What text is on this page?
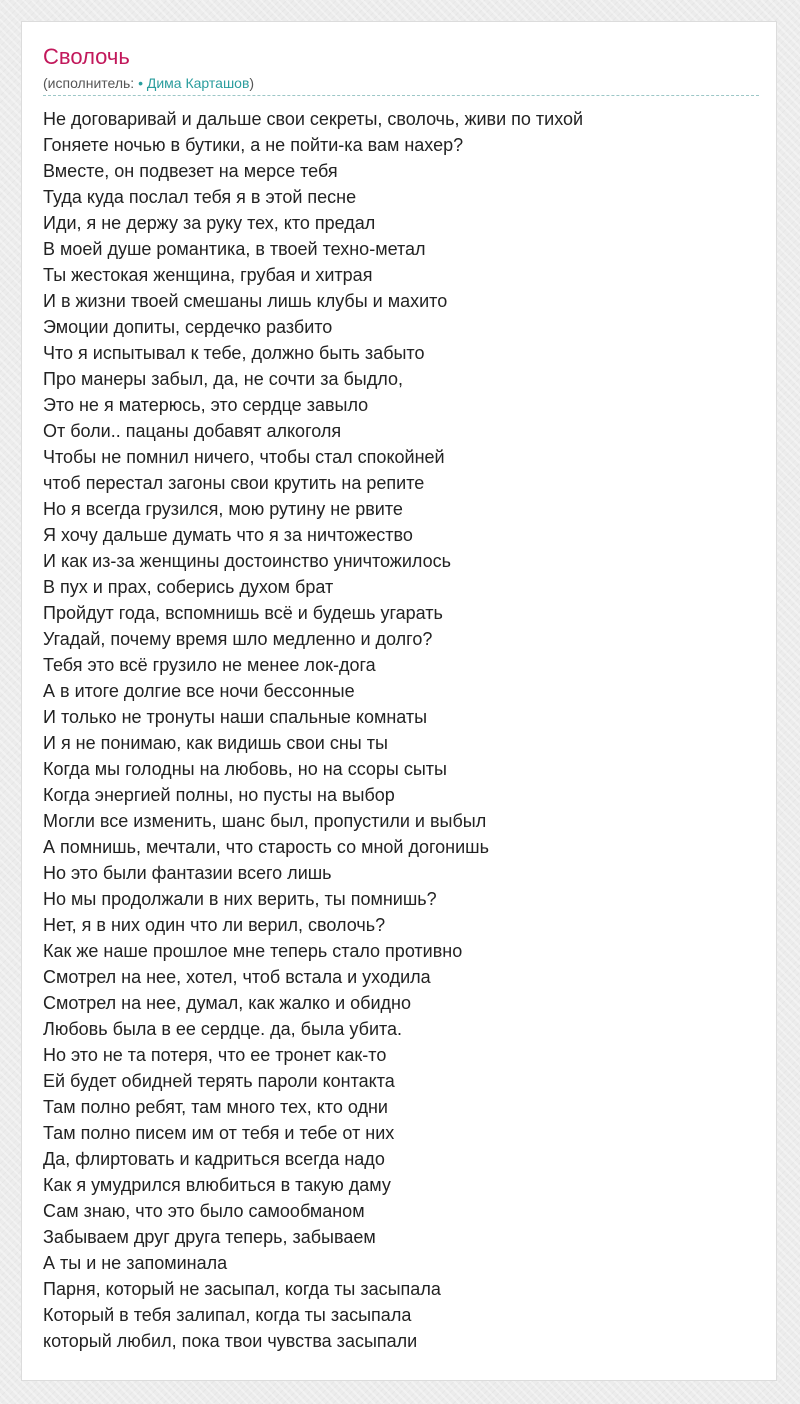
Сволочь
(исполнитель: • Дима Карташов)
Не договаривай и дальше свои секреты, сволочь, живи по тихой
Гоняете ночью в бутики, а не пойти-ка вам нахер?
Вместе, он подвезет на мерсе тебя
Туда куда послал тебя я в этой песне
Иди, я не держу за руку тех, кто предал
В моей душе романтика, в твоей техно-метал
Ты жестокая женщина, грубая и хитрая
И в жизни твоей смешаны лишь клубы и махито
Эмоции допиты, сердечко разбито
Что я испытывал к тебе, должно быть забыто
Про манеры забыл, да, не сочти за быдло,
Это не я матерюсь, это сердце завыло
От боли.. пацаны добавят алкоголя
Чтобы не помнил ничего, чтобы стал спокойней
чтоб перестал загоны свои крутить на репите
Но я всегда грузился, мою рутину не рвите
Я хочу дальше думать что я за ничтожество
И как из-за женщины достоинство уничтожилось
В пух и прах, соберись духом брат
Пройдут года, вспомнишь всё и будешь угарать
Угадай, почему время шло медленно и долго?
Тебя это всё грузило не менее лок-дога
А в итоге долгие все ночи бессонные
И только не тронуты наши спальные комнаты
И я не понимаю, как видишь свои сны ты
Когда мы голодны на любовь, но на ссоры сыты
Когда энергией полны, но пусты на выбор
Могли все изменить, шанс был, пропустили и выбыл
А помнишь, мечтали, что старость со мной догонишь
Но это были фантазии всего лишь
Но мы продолжали в них верить, ты помнишь?
Нет, я в них один что ли верил, сволочь?
Как же наше прошлое мне теперь стало противно
Смотрел на нее, хотел, чтоб встала и уходила
Смотрел на нее, думал, как жалко и обидно
Любовь была в ее сердце. да, была убита.
Но это не та потеря, что ее тронет как-то
Ей будет обидней терять пароли контакта
Там полно ребят, там много тех, кто одни
Там полно писем им от тебя и тебе от них
Да, флиртовать и кадриться всегда надо
Как я умудрился влюбиться в такую даму
Сам знаю, что это было самообманом
Забываем друг друга теперь, забываем
А ты и не запоминала
Парня, который не засыпал, когда ты засыпала
Который в тебя залипал, когда ты засыпала
который любил, пока твои чувства засыпали
